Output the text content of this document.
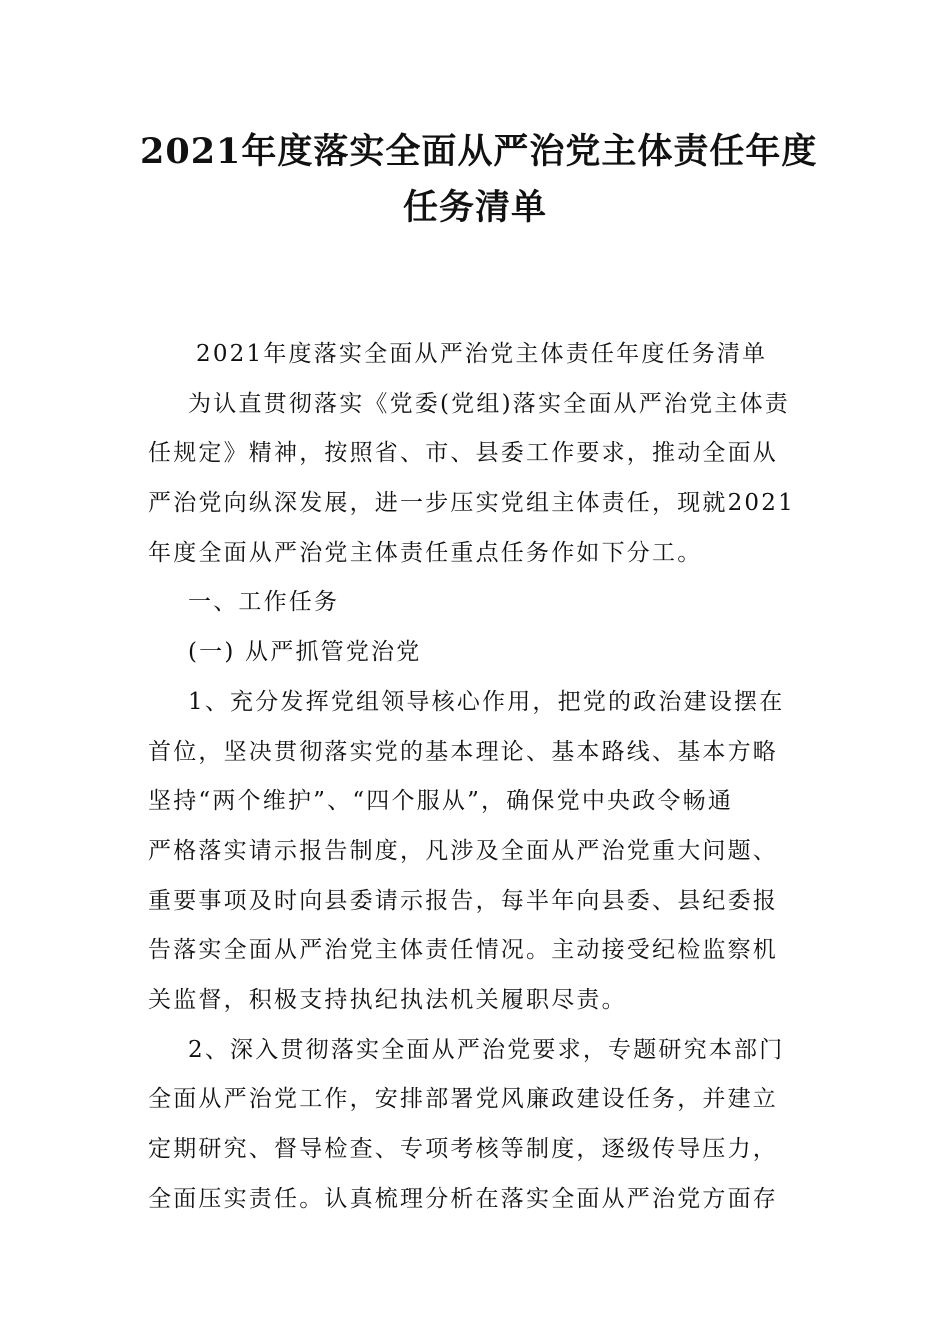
2021年度落实全面从严治党主体责任年度
任务清单
2021年度落实全面从严治党主体责任年度任务清单
为认直贯彻落实《党委(党组)落实全面从严治党主体责
任规定》精神，按照省、市、县委工作要求，推动全面从
严治党向纵深发展，进一步压实党组主体责任，现就2021
年度全面从严治党主体责任重点任务作如下分工。
一、工作任务
(一) 从严抓管党治党
1、充分发挥党组领导核心作用，把党的政治建设摆在
首位，坚决贯彻落实党的基本理论、基本路线、基本方略
坚持“两个维护”、“四个服从”，确保党中央政令畅通
严格落实请示报告制度，凡涉及全面从严治党重大问题、
重要事项及时向县委请示报告，每半年向县委、县纪委报
告落实全面从严治党主体责任情况。主动接受纪检监察机
关监督，积极支持执纪执法机关履职尽责。
2、深入贯彻落实全面从严治党要求，专题研究本部门
全面从严治党工作，安排部署党风廉政建设任务，并建立
定期研究、督导检查、专项考核等制度，逐级传导压力，
全面压实责任。认真梳理分析在落实全面从严治党方面存
